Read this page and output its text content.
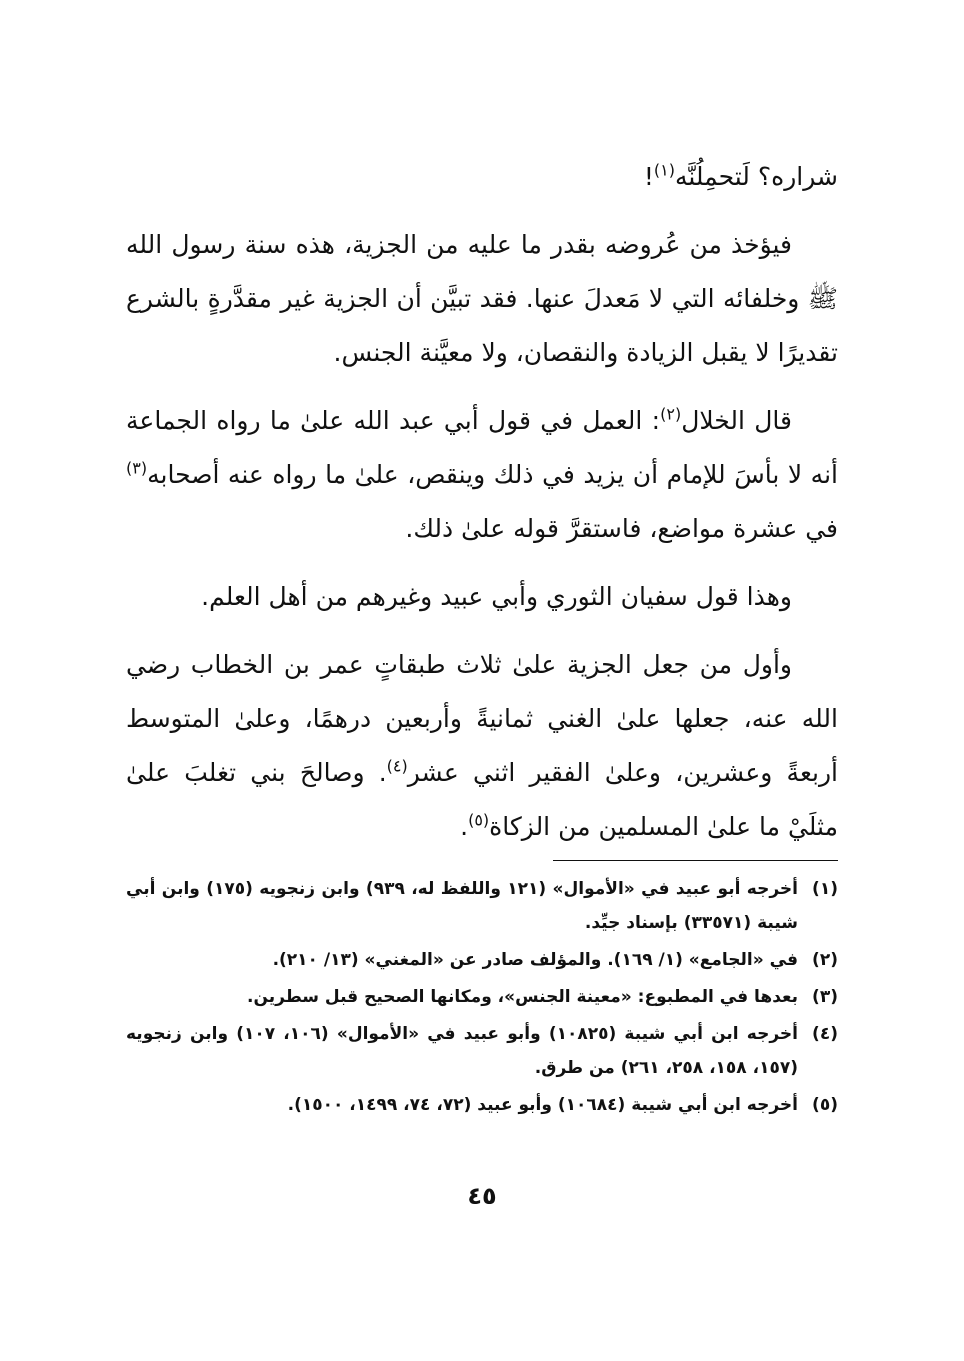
شراره؟ لَتحمِلُنَّه$^{(١)}$!

فيؤخذ من عُروضه بقدر ما عليه من الجزية، هذه سنة رسول الله ﷺ وخلفائه التي لا مَعدلَ عنها. فقد تبيَّن أن الجزية غير مقدَّرةٍ بالشرع تقديرًا لا يقبل الزيادة والنقصان، ولا معيَّنة الجنس.

قال الخلال$^{(٢)}$: العمل في قول أبي عبد الله علىٰ ما رواه الجماعة أنه لا بأسَ للإمام أن يزيد في ذلك وينقص، علىٰ ما رواه عنه أصحابه$^{(٣)}$ في عشرة مواضع، فاستقرَّ قوله علىٰ ذلك.

وهذا قول سفيان الثوري وأبي عبيد وغيرهم من أهل العلم.

وأول من جعل الجزية علىٰ ثلاث طبقاتٍ عمر بن الخطاب رضي الله عنه، جعلها علىٰ الغني ثمانيةً وأربعين درهمًا، وعلىٰ المتوسط أربعةً وعشرين، وعلىٰ الفقير اثني عشر$^{(٤)}$. وصالحَ بني تغلبَ علىٰ مثلَيْ ما علىٰ المسلمين من الزكاة$^{(٥)}$.

(١)
أخرجه أبو عبيد في «الأموال» (١٢١ واللفظ له، ٩٣٩) وابن زنجويه (١٧٥) وابن أبي شيبة (٣٣٥٧١) بإسناد جيِّد.
(٢)
في «الجامع» (١/ ١٦٩). والمؤلف صادر عن «المغني» (١٣/ ٢١٠).
(٣)
بعدها في المطبوع: «معينة الجنس»، ومكانها الصحيح قبل سطرين.
(٤)
أخرجه ابن أبي شيبة (١٠٨٢٥) وأبو عبيد في «الأموال» (١٠٦، ١٠٧) وابن زنجويه (١٥٧، ١٥٨، ٢٥٨، ٢٦١) من طرق.
(٥)
أخرجه ابن أبي شيبة (١٠٦٨٤) وأبو عبيد (٧٢، ٧٤، ١٤٩٩، ١٥٠٠).
٤٥
